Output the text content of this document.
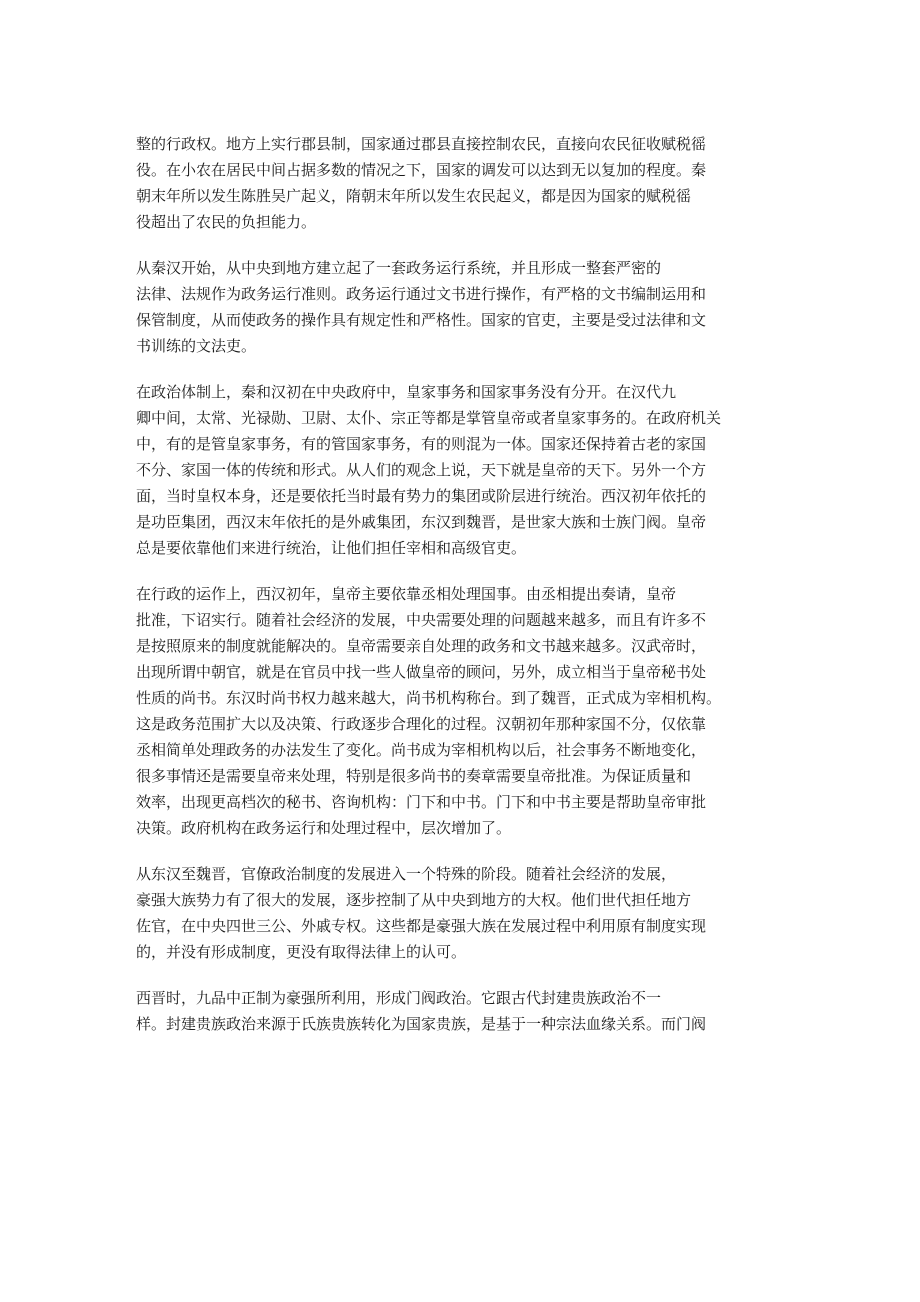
整的行政权。地方上实行郡县制，国家通过郡县直接控制农民，直接向农民征收赋税徭
役。在小农在居民中间占据多数的情况之下，国家的调发可以达到无以复加的程度。秦
朝末年所以发生陈胜吴广起义，隋朝末年所以发生农民起义，都是因为国家的赋税徭
役超出了农民的负担能力。

从秦汉开始，从中央到地方建立起了一套政务运行系统，并且形成一整套严密的
法律、法规作为政务运行准则。政务运行通过文书进行操作，有严格的文书编制运用和
保管制度，从而使政务的操作具有规定性和严格性。国家的官吏，主要是受过法律和文
书训练的文法吏。

在政治体制上，秦和汉初在中央政府中，皇家事务和国家事务没有分开。在汉代九
卿中间，太常、光禄勋、卫尉、太仆、宗正等都是掌管皇帝或者皇家事务的。在政府机关
中，有的是管皇家事务，有的管国家事务，有的则混为一体。国家还保持着古老的家国
不分、家国一体的传统和形式。从人们的观念上说，天下就是皇帝的天下。另外一个方
面，当时皇权本身，还是要依托当时最有势力的集团或阶层进行统治。西汉初年依托的
是功臣集团，西汉末年依托的是外戚集团，东汉到魏晋，是世家大族和士族门阀。皇帝
总是要依靠他们来进行统治，让他们担任宰相和高级官吏。

在行政的运作上，西汉初年，皇帝主要依靠丞相处理国事。由丞相提出奏请，皇帝
批准，下诏实行。随着社会经济的发展，中央需要处理的问题越来越多，而且有许多不
是按照原来的制度就能解决的。皇帝需要亲自处理的政务和文书越来越多。汉武帝时，
出现所谓中朝官，就是在官员中找一些人做皇帝的顾问，另外，成立相当于皇帝秘书处
性质的尚书。东汉时尚书权力越来越大，尚书机构称台。到了魏晋，正式成为宰相机构。
这是政务范围扩大以及决策、行政逐步合理化的过程。汉朝初年那种家国不分，仅依靠
丞相简单处理政务的办法发生了变化。尚书成为宰相机构以后，社会事务不断地变化，
很多事情还是需要皇帝来处理，特别是很多尚书的奏章需要皇帝批准。为保证质量和
效率，出现更高档次的秘书、咨询机构：门下和中书。门下和中书主要是帮助皇帝审批
决策。政府机构在政务运行和处理过程中，层次增加了。

从东汉至魏晋，官僚政治制度的发展进入一个特殊的阶段。随着社会经济的发展，
豪强大族势力有了很大的发展，逐步控制了从中央到地方的大权。他们世代担任地方
佐官，在中央四世三公、外戚专权。这些都是豪强大族在发展过程中利用原有制度实现
的，并没有形成制度，更没有取得法律上的认可。

西晋时，九品中正制为豪强所利用，形成门阀政治。它跟古代封建贵族政治不一
样。封建贵族政治来源于氏族贵族转化为国家贵族，是基于一种宗法血缘关系。而门阀
